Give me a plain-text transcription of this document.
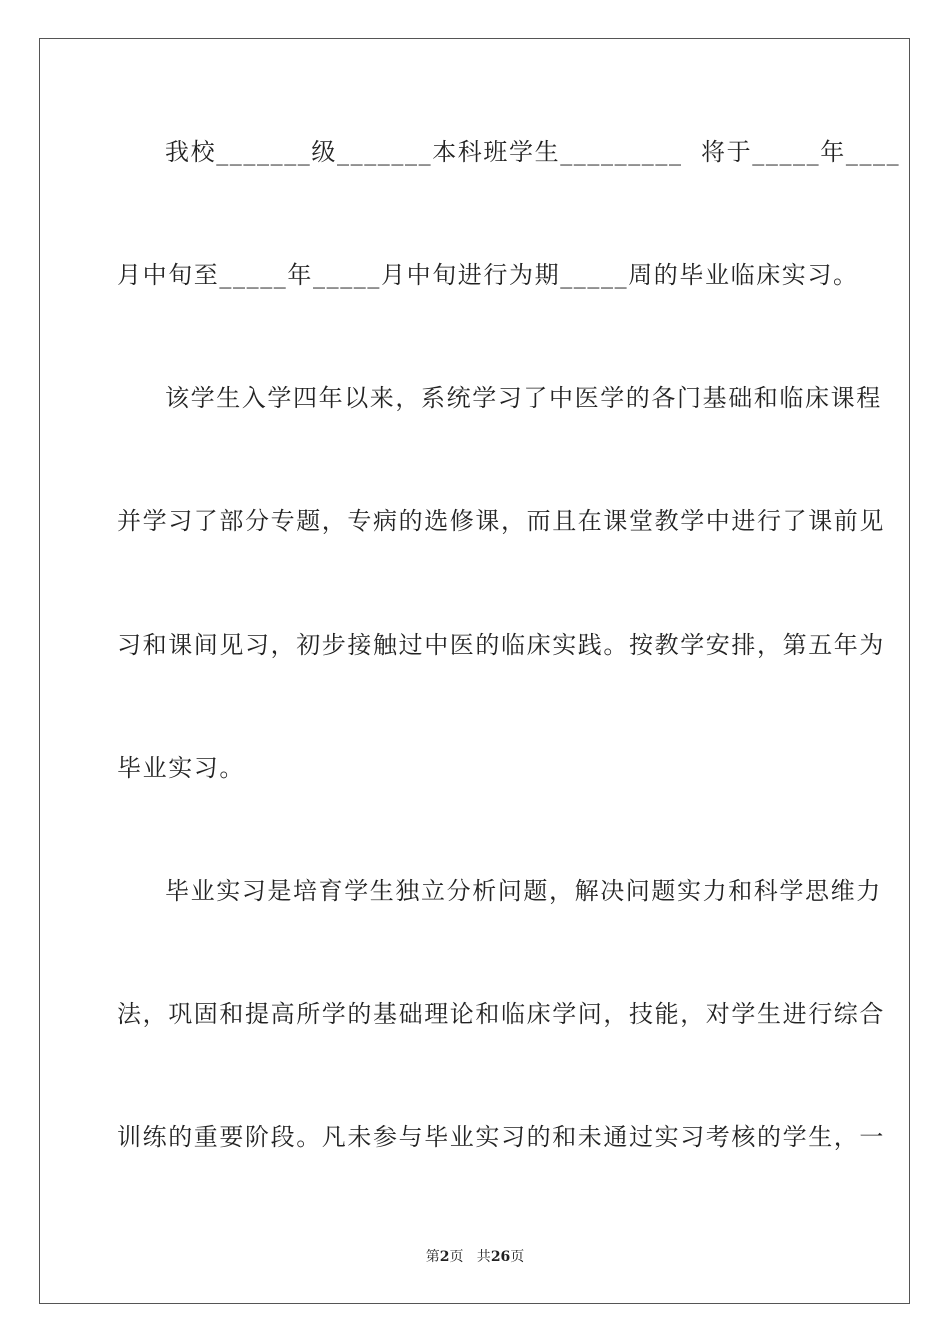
我校_______级_______本科班学生_________  将于_____年____
月中旬至_____年_____月中旬进行为期_____周的毕业临床实习。
该学生入学四年以来，系统学习了中医学的各门基础和临床课程
并学习了部分专题，专病的选修课，而且在课堂教学中进行了课前见
习和课间见习，初步接触过中医的临床实践。按教学安排，第五年为
毕业实习。
毕业实习是培育学生独立分析问题，解决问题实力和科学思维力
法，巩固和提高所学的基础理论和临床学问，技能，对学生进行综合
训练的重要阶段。凡未参与毕业实习的和未通过实习考核的学生，一
第2页   共26页
